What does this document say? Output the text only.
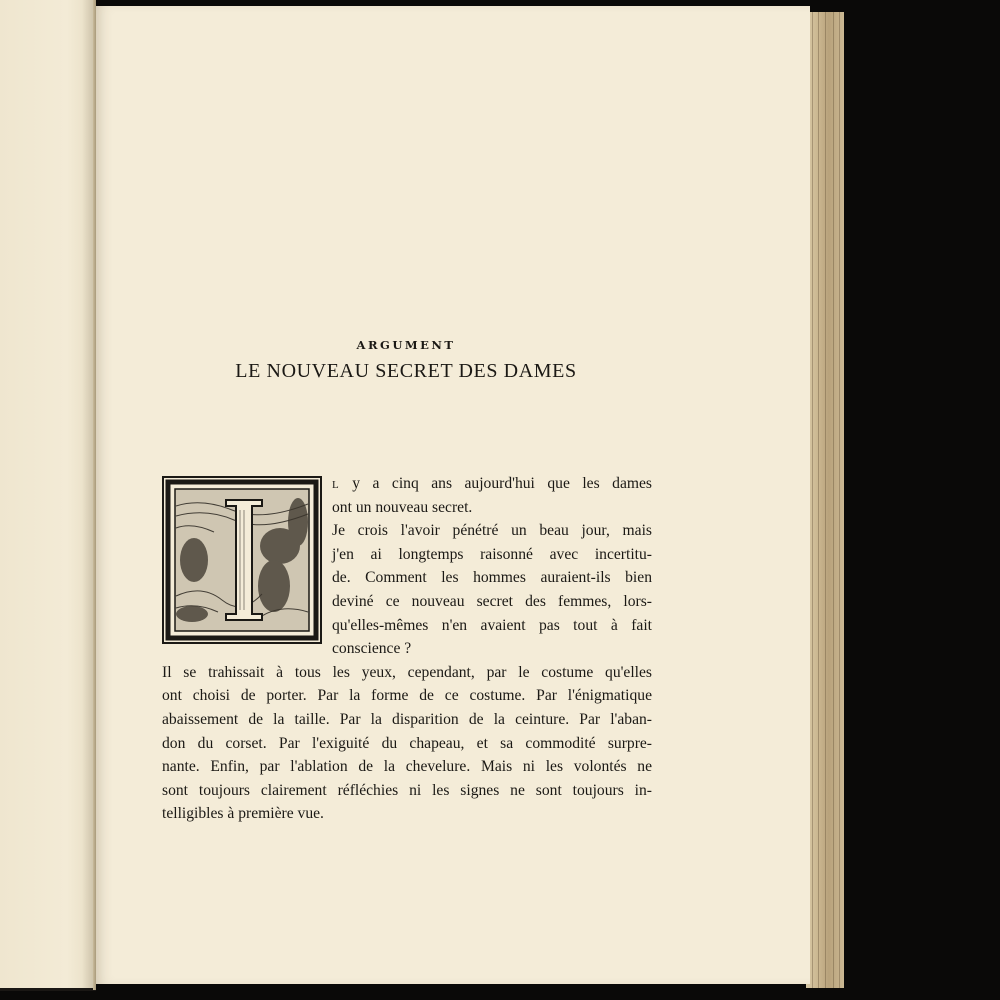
ARGUMENT

LE NOUVEAU SECRET DES DAMES

l y a cinq ans aujourd'hui que les dames
ont un nouveau secret.
Je crois l'avoir pénétré un beau jour, mais
j'en ai longtemps raisonné avec incertitu-
de. Comment les hommes auraient-ils bien
deviné ce nouveau secret des femmes, lors-
qu'elles-mêmes n'en avaient pas tout à fait
conscience ?
Il se trahissait à tous les yeux, cependant, par le costume qu'elles
ont choisi de porter. Par la forme de ce costume. Par l'énigmatique
abaissement de la taille. Par la disparition de la ceinture. Par l'aban-
don du corset. Par l'exiguité du chapeau, et sa commodité surpre-
nante. Enfin, par l'ablation de la chevelure. Mais ni les volontés ne
sont toujours clairement réfléchies ni les signes ne sont toujours in-
telligibles à première vue.
